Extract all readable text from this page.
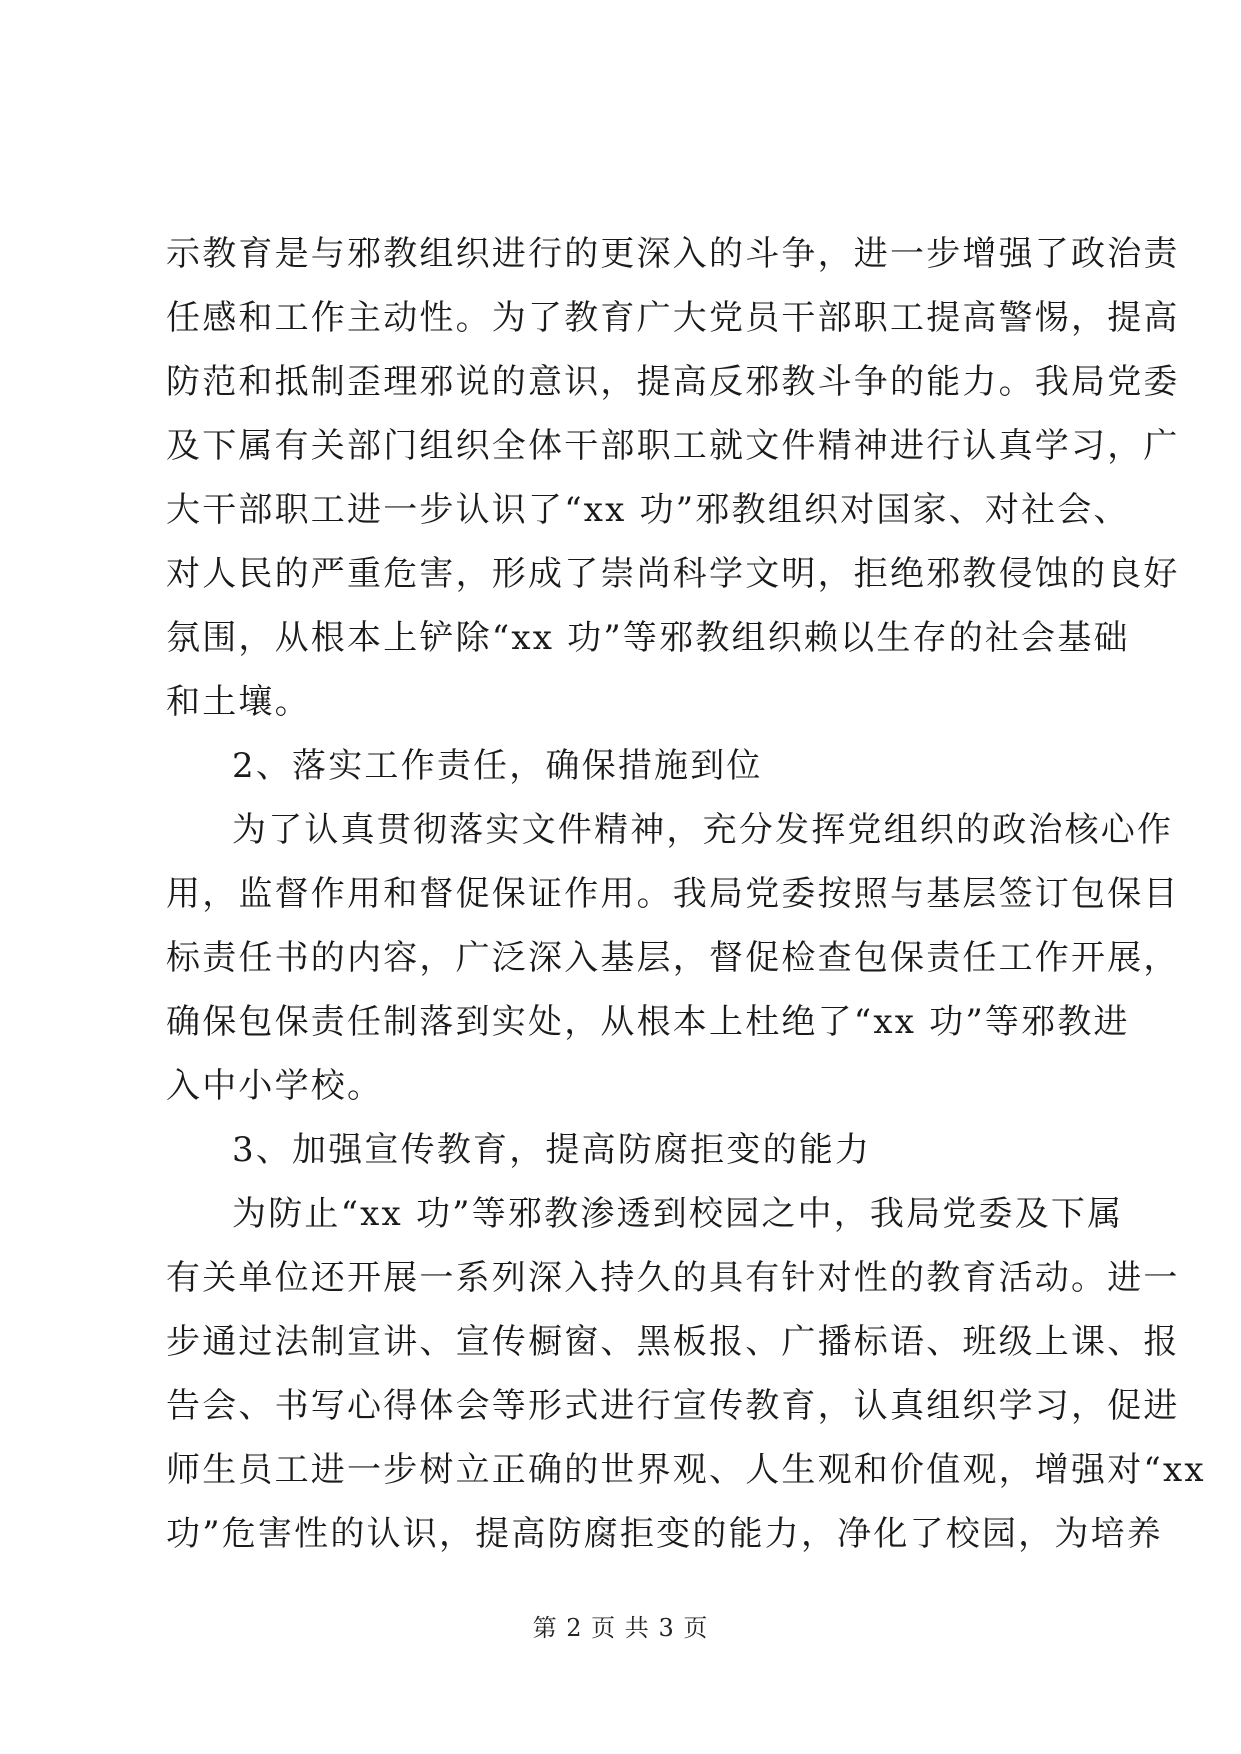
示教育是与邪教组织进行的更深入的斗争，进一步增强了政治责
任感和工作主动性。为了教育广大党员干部职工提高警惕，提高
防范和抵制歪理邪说的意识，提高反邪教斗争的能力。我局党委
及下属有关部门组织全体干部职工就文件精神进行认真学习，广
大干部职工进一步认识了“xx 功”邪教组织对国家、对社会、
对人民的严重危害，形成了崇尚科学文明，拒绝邪教侵蚀的良好
氛围，从根本上铲除“xx 功”等邪教组织赖以生存的社会基础
和土壤。
2、落实工作责任，确保措施到位
为了认真贯彻落实文件精神，充分发挥党组织的政治核心作
用，监督作用和督促保证作用。我局党委按照与基层签订包保目
标责任书的内容，广泛深入基层，督促检查包保责任工作开展，
确保包保责任制落到实处，从根本上杜绝了“xx 功”等邪教进
入中小学校。
3、加强宣传教育，提高防腐拒变的能力
为防止“xx 功”等邪教渗透到校园之中，我局党委及下属
有关单位还开展一系列深入持久的具有针对性的教育活动。进一
步通过法制宣讲、宣传橱窗、黑板报、广播标语、班级上课、报
告会、书写心得体会等形式进行宣传教育，认真组织学习，促进
师生员工进一步树立正确的世界观、人生观和价值观，增强对“xx
功”危害性的认识，提高防腐拒变的能力，净化了校园，为培养
第 2 页 共 3 页
